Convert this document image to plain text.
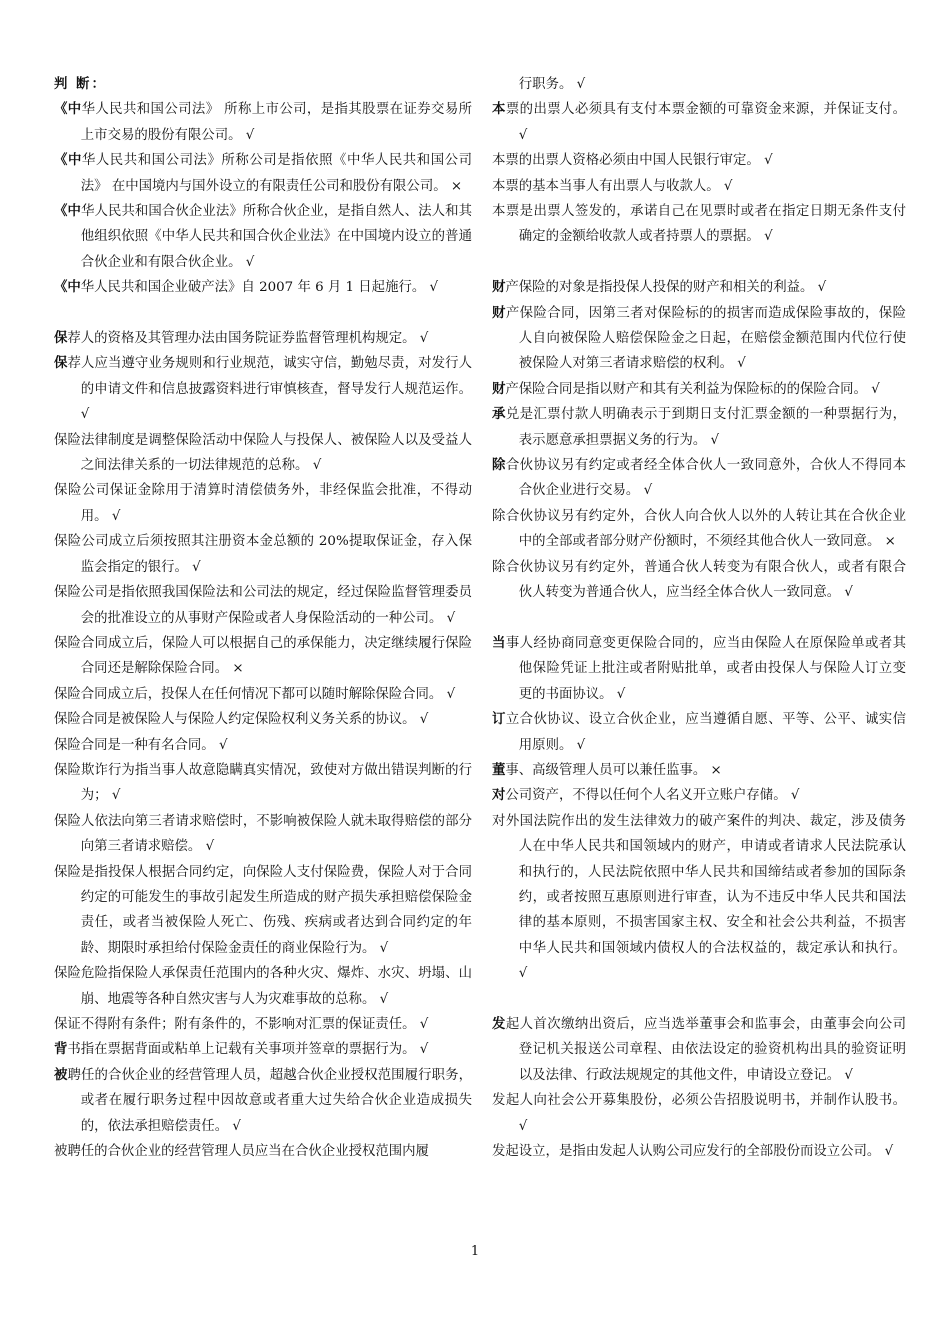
判 断：
《中华人民共和国公司法》 所称上市公司，是指其股票在证券交易所上市交易的股份有限公司。 √
《中华人民共和国公司法》所称公司是指依照《中华人民共和国公司法》 在中国境内与国外设立的有限责任公司和股份有限公司。 ×
《中华人民共和国合伙企业法》所称合伙企业，是指自然人、法人和其他组织依照《中华人民共和国合伙企业法》在中国境内设立的普通合伙企业和有限合伙企业。 √
《中华人民共和国企业破产法》自 2007 年 6 月 1 日起施行。 √
保荐人的资格及其管理办法由国务院证券监督管理机构规定。 √
保荐人应当遵守业务规则和行业规范，诚实守信，勤勉尽责，对发行人的申请文件和信息披露资料进行审慎核查，督导发行人规范运作。 √
保险法律制度是调整保险活动中保险人与投保人、被保险人以及受益人之间法律关系的一切法律规范的总称。 √
保险公司保证金除用于清算时清偿债务外，非经保监会批准，不得动用。 √
保险公司成立后须按照其注册资本金总额的 20%提取保证金，存入保监会指定的银行。 √
保险公司是指依照我国保险法和公司法的规定，经过保险监督管理委员会的批准设立的从事财产保险或者人身保险活动的一种公司。 √
保险合同成立后，保险人可以根据自己的承保能力，决定继续履行保险合同还是解除保险合同。 ×
保险合同成立后，投保人在任何情况下都可以随时解除保险合同。 √
保险合同是被保险人与保险人约定保险权利义务关系的协议。 √
保险合同是一种有名合同。 √
保险欺诈行为指当事人故意隐瞒真实情况，致使对方做出错误判断的行为； √
保险人依法向第三者请求赔偿时，不影响被保险人就未取得赔偿的部分向第三者请求赔偿。 √
保险是指投保人根据合同约定，向保险人支付保险费，保险人对于合同约定的可能发生的事故引起发生所造成的财产损失承担赔偿保险金责任，或者当被保险人死亡、伤残、疾病或者达到合同约定的年龄、期限时承担给付保险金责任的商业保险行为。 √
保险危险指保险人承保责任范围内的各种火灾、爆炸、水灾、坍塌、山崩、地震等各种自然灾害与人为灾难事故的总称。 √
保证不得附有条件；附有条件的，不影响对汇票的保证责任。 √
背书指在票据背面或粘单上记载有关事项并签章的票据行为。 √
被聘任的合伙企业的经营管理人员，超越合伙企业授权范围履行职务，或者在履行职务过程中因故意或者重大过失给合伙企业造成损失的，依法承担赔偿责任。 √
被聘任的合伙企业的经营管理人员应当在合伙企业授权范围内履
行职务。 √
本票的出票人必须具有支付本票金额的可靠资金来源，并保证支付。 √
本票的出票人资格必须由中国人民银行审定。 √
本票的基本当事人有出票人与收款人。 √
本票是出票人签发的，承诺自己在见票时或者在指定日期无条件支付确定的金额给收款人或者持票人的票据。 √
财产保险的对象是指投保人投保的财产和相关的利益。 √
财产保险合同，因第三者对保险标的的损害而造成保险事故的，保险人自向被保险人赔偿保险金之日起，在赔偿金额范围内代位行使被保险人对第三者请求赔偿的权利。 √
财产保险合同是指以财产和其有关利益为保险标的的保险合同。 √
承兑是汇票付款人明确表示于到期日支付汇票金额的一种票据行为，表示愿意承担票据义务的行为。 √
除合伙协议另有约定或者经全体合伙人一致同意外，合伙人不得同本合伙企业进行交易。 √
除合伙协议另有约定外，合伙人向合伙人以外的人转让其在合伙企业中的全部或者部分财产份额时，不须经其他合伙人一致同意。 ×
除合伙协议另有约定外，普通合伙人转变为有限合伙人，或者有限合伙人转变为普通合伙人，应当经全体合伙人一致同意。 √
当事人经协商同意变更保险合同的，应当由保险人在原保险单或者其他保险凭证上批注或者附贴批单，或者由投保人与保险人订立变更的书面协议。 √
订立合伙协议、设立合伙企业，应当遵循自愿、平等、公平、诚实信用原则。 √
董事、高级管理人员可以兼任监事。 ×
对公司资产，不得以任何个人名义开立账户存储。 √
对外国法院作出的发生法律效力的破产案件的判决、裁定，涉及债务人在中华人民共和国领域内的财产，申请或者请求人民法院承认和执行的，人民法院依照中华人民共和国缔结或者参加的国际条约，或者按照互惠原则进行审查，认为不违反中华人民共和国法律的基本原则，不损害国家主权、安全和社会公共利益，不损害中华人民共和国领域内债权人的合法权益的，裁定承认和执行。 √
发起人首次缴纳出资后，应当选举董事会和监事会，由董事会向公司登记机关报送公司章程、由依法设定的验资机构出具的验资证明以及法律、行政法规规定的其他文件，申请设立登记。 √
发起人向社会公开募集股份，必须公告招股说明书，并制作认股书。 √
发起设立，是指由发起人认购公司应发行的全部股份而设立公司。 √
1
